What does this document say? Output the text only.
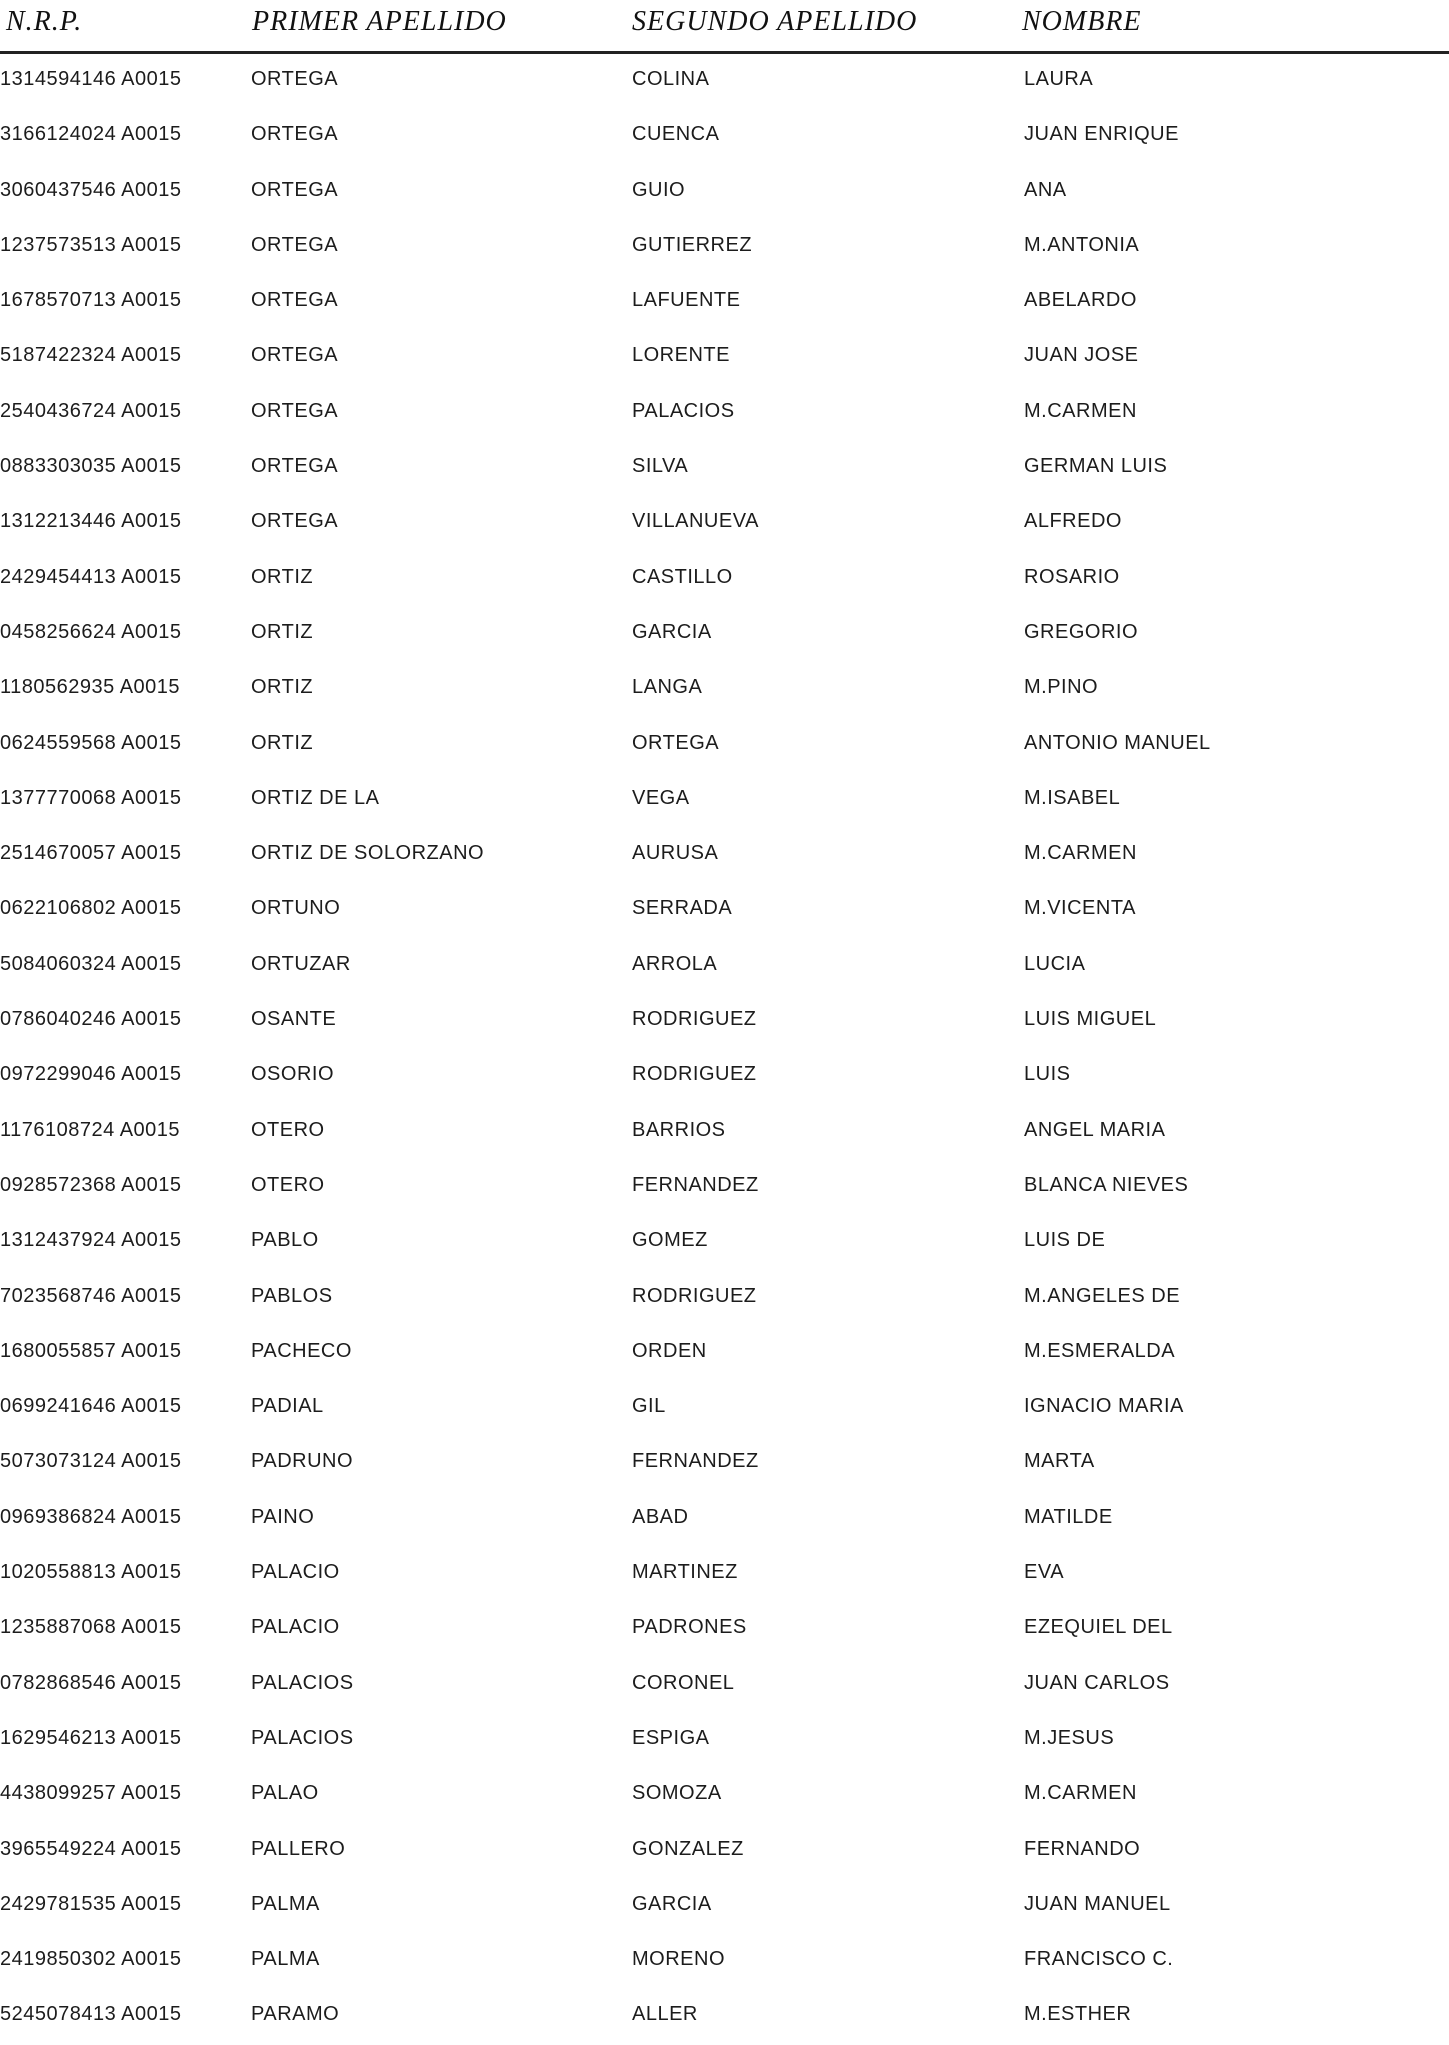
N.R.P.	PRIMER APELLIDO	SEGUNDO APELLIDO	NOMBRE
1314594146 A0015	ORTEGA	COLINA	LAURA
3166124024 A0015	ORTEGA	CUENCA	JUAN ENRIQUE
3060437546 A0015	ORTEGA	GUIO	ANA
1237573513 A0015	ORTEGA	GUTIERREZ	M.ANTONIA
1678570713 A0015	ORTEGA	LAFUENTE	ABELARDO
5187422324 A0015	ORTEGA	LORENTE	JUAN JOSE
2540436724 A0015	ORTEGA	PALACIOS	M.CARMEN
0883303035 A0015	ORTEGA	SILVA	GERMAN LUIS
1312213446 A0015	ORTEGA	VILLANUEVA	ALFREDO
2429454413 A0015	ORTIZ	CASTILLO	ROSARIO
0458256624 A0015	ORTIZ	GARCIA	GREGORIO
1180562935 A0015	ORTIZ	LANGA	M.PINO
0624559568 A0015	ORTIZ	ORTEGA	ANTONIO MANUEL
1377770068 A0015	ORTIZ DE LA	VEGA	M.ISABEL
2514670057 A0015	ORTIZ DE SOLORZANO	AURUSA	M.CARMEN
0622106802 A0015	ORTUNO	SERRADA	M.VICENTA
5084060324 A0015	ORTUZAR	ARROLA	LUCIA
0786040246 A0015	OSANTE	RODRIGUEZ	LUIS MIGUEL
0972299046 A0015	OSORIO	RODRIGUEZ	LUIS
1176108724 A0015	OTERO	BARRIOS	ANGEL MARIA
0928572368 A0015	OTERO	FERNANDEZ	BLANCA NIEVES
1312437924 A0015	PABLO	GOMEZ	LUIS DE
7023568746 A0015	PABLOS	RODRIGUEZ	M.ANGELES DE
1680055857 A0015	PACHECO	ORDEN	M.ESMERALDA
0699241646 A0015	PADIAL	GIL	IGNACIO MARIA
5073073124 A0015	PADRUNO	FERNANDEZ	MARTA
0969386824 A0015	PAINO	ABAD	MATILDE
1020558813 A0015	PALACIO	MARTINEZ	EVA
1235887068 A0015	PALACIO	PADRONES	EZEQUIEL DEL
0782868546 A0015	PALACIOS	CORONEL	JUAN CARLOS
1629546213 A0015	PALACIOS	ESPIGA	M.JESUS
4438099257 A0015	PALAO	SOMOZA	M.CARMEN
3965549224 A0015	PALLERO	GONZALEZ	FERNANDO
2429781535 A0015	PALMA	GARCIA	JUAN MANUEL
2419850302 A0015	PALMA	MORENO	FRANCISCO C.
5245078413 A0015	PARAMO	ALLER	M.ESTHER
